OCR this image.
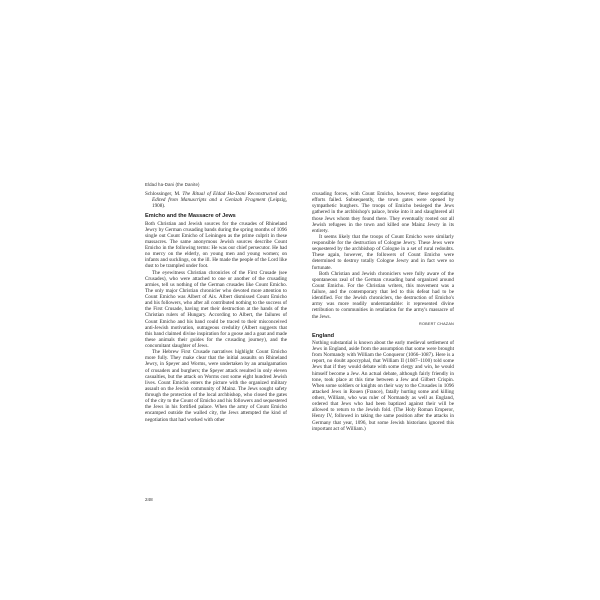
Eldad ha-Dani (the Danite)

Schlossinger, M. The Ritual of Eldad Ha-Dani Reconstructed and Edited from Manuscripts and a Genizah Fragment (Leipzig, 1908).

Emicho and the Massacre of Jews

Both Christian and Jewish sources for the crusades of Rhineland Jewry by German crusading bands during the spring months of 1096 single out Count Emicho of Leiningen as the prime culprit in these massacres. The same anonymous Jewish sources describe Count Emicho in the following terms: He was our chief persecutor. He had no mercy on the elderly, on young men and young women; on infants and sucklings, on the ill. He made the people of the Lord like dust to be trampled under foot.

The eyewitness Christian chronicles of the First Crusade (see Crusades), who were attached to one or another of the crusading armies, tell us nothing of the German crusades like Count Emicho. The only major Christian chronicler who devoted more attention to Count Emicho was Albert of Aix. Albert dismissed Count Emicho and his followers, who after all contributed nothing to the success of the First Crusade, having met their destruction at the hands of the Christian rulers of Hungary. According to Albert, the failures of Count Emicho and his band could be traced to their misconceived anti-Jewish motivation, outrageous credulity (Albert suggests that this band claimed divine inspiration for a goose and a goat and made these animals their guides for the crusading journey), and the concomitant slaughter of Jews.

The Hebrew First Crusade narratives highlight Count Emicho more fully. They make clear that the initial assaults on Rhineland Jewry, in Speyer and Worms, were undertaken by an amalgamation of crusaders and burghers; the Speyer attack resulted in only eleven casualties, but the attack on Worms cost some eight hundred Jewish lives. Count Emicho enters the picture with the organized military assault on the Jewish community of Mainz. The Jews sought safety through the protection of the local archbishop, who closed the gates of the city to the Count of Emicho and his followers and sequestered the Jews in his fortified palace. When the army of Count Emicho encamped outside the walled city, the Jews attempted the kind of negotiation that had worked with other

crusading forces, with Count Emicho, however, these negotiating efforts failed. Subsequently, the town gates were opened by sympathetic burghers. The troops of Emicho besieged the Jews gathered in the archbishop's palace, broke into it and slaughtered all those Jews whom they found there. They eventually rooted out all Jewish refugees in the town and killed one Mainz Jewry in its entirety.

It seems likely that the troops of Count Emicho were similarly responsible for the destruction of Cologne Jewry. These Jews were sequestered by the archbishop of Cologne in a set of rural redoubts. These again, however, the followers of Count Emicho were determined to destroy totally Cologne Jewry and in fact were so fortunate.

Both Christian and Jewish chroniclers were fully aware of the spontaneous zeal of the German crusading band organized around Count Emicho. For the Christian writers, this movement was a failure, and the contemporary that led to this defeat had to be identified. For the Jewish chroniclers, the destruction of Emicho's army was more readily understandable: it represented divine retribution to communities in retaliation for the army's massacre of the Jews.

ROBERT CHAZAN
England

Nothing substantial is known about the early medieval settlement of Jews in England, aside from the assumption that some were brought from Normandy with William the Conqueror (1066–1087). Here is a report, no doubt apocryphal, that William II (1087–1100) told some Jews that if they would debate with some clergy and win, he would himself become a Jew. An actual debate, although fairly friendly in tone, took place at this time between a Jew and Gilbert Crispin. When some soldiers or knights on their way to the Crusades in 1096 attacked Jews in Rouen (France), fatally hurting some and killing others, William, who was ruler of Normandy as well as England, ordered that Jews who had been baptized against their will be allowed to return to the Jewish fold. (The Holy Roman Emperor, Henry IV, followed in taking the same position after the attacks in Germany that year, 1096, but some Jewish historians ignored this important act of William.)

248
